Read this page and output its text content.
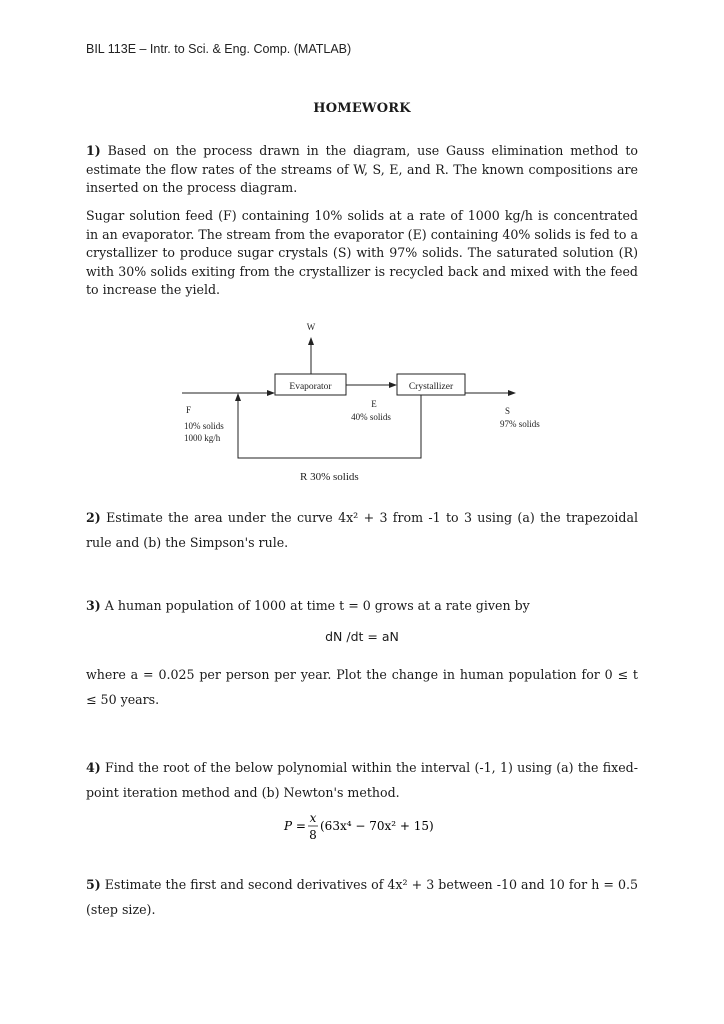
BIL 113E – Intr. to Sci. & Eng. Comp. (MATLAB)
HOMEWORK
1) Based on the process drawn in the diagram, use Gauss elimination method to estimate the flow rates of the streams of W, S, E, and R. The known compositions are inserted on the process diagram.
Sugar solution feed (F) containing 10% solids at a rate of 1000 kg/h is concentrated in an evaporator. The stream from the evaporator (E) containing 40% solids is fed to a crystallizer to produce sugar crystals (S) with 97% solids. The saturated solution (R) with 30% solids exiting from the crystallizer is recycled back and mixed with the feed to increase the yield.
W
Evaporator	Crystallizer
E
40% solids
S
97% solids
R 30% solids
F
10% solids
1000 kg/h
2) Estimate the area under the curve 4x² + 3 from -1 to 3 using (a) the trapezoidal rule and (b) the Simpson's rule.
3) A human population of 1000 at time t = 0 grows at a rate given by
dN /dt = aN
where a = 0.025 per person per year. Plot the change in human population for 0 ≤ t ≤ 50 years.
4) Find the root of the below polynomial within the interval (-1, 1) using (a) the fixed-point iteration method and (b) Newton's method.
P =
x
8
(63x⁴ − 70x² + 15)
5) Estimate the first and second derivatives of 4x² + 3 between -10 and 10 for h = 0.5 (step size).
